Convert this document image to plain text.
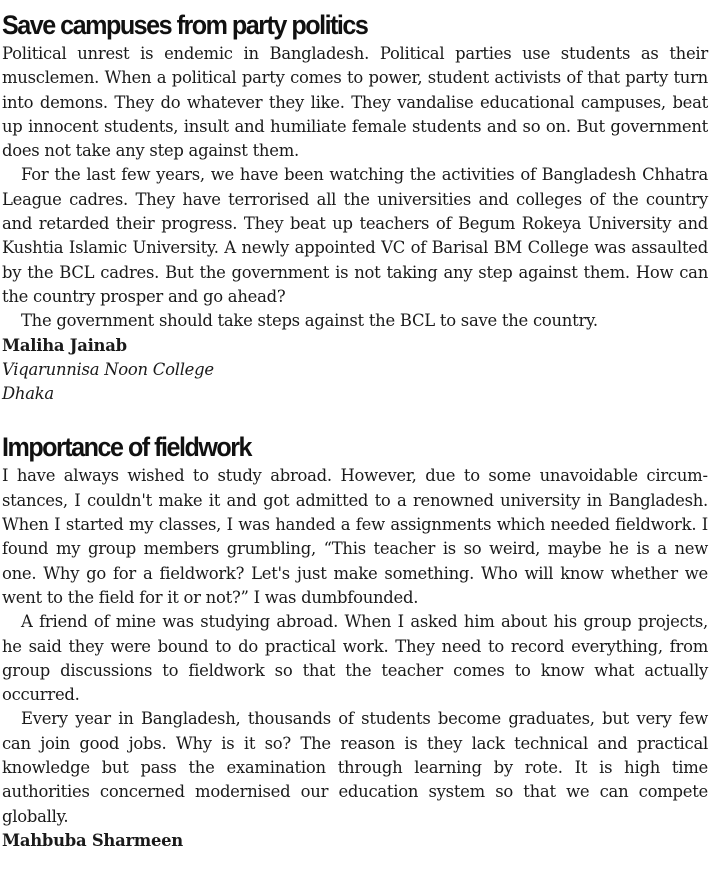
Save campuses from party politics

Political unrest is endemic in Bangladesh. Political parties use students as their musclemen. When a political party comes to power, student activists of that party turn into demons. They do whatever they like. They vandalise educational campuses, beat up innocent students, insult and humiliate female students and so on. But government does not take any step against them.

For the last few years, we have been watching the activities of Bangladesh Chhatra League cadres. They have terrorised all the universities and colleges of the country and retarded their progress. They beat up teachers of Begum Rokeya University and Kushtia Islamic University. A newly appointed VC of Barisal BM College was assaulted by the BCL cadres. But the government is not taking any step against them. How can the country prosper and go ahead?

The government should take steps against the BCL to save the country.

Maliha Jainab
Viqarunnisa Noon College
Dhaka
Importance of fieldwork

I have always wished to study abroad. However, due to some unavoidable circumstances, I couldn't make it and got admitted to a renowned university in Bangladesh. When I started my classes, I was handed a few assignments which needed fieldwork. I found my group members grumbling, “This teacher is so weird, maybe he is a new one. Why go for a fieldwork? Let's just make something. Who will know whether we went to the field for it or not?” I was dumbfounded.

A friend of mine was studying abroad. When I asked him about his group projects, he said they were bound to do practical work. They need to record everything, from group discussions to fieldwork so that the teacher comes to know what actually occurred.

Every year in Bangladesh, thousands of students become graduates, but very few can join good jobs. Why is it so? The reason is they lack technical and practical knowledge but pass the examination through learning by rote. It is high time authorities concerned modernised our education system so that we can compete globally.

Mahbuba Sharmeen
